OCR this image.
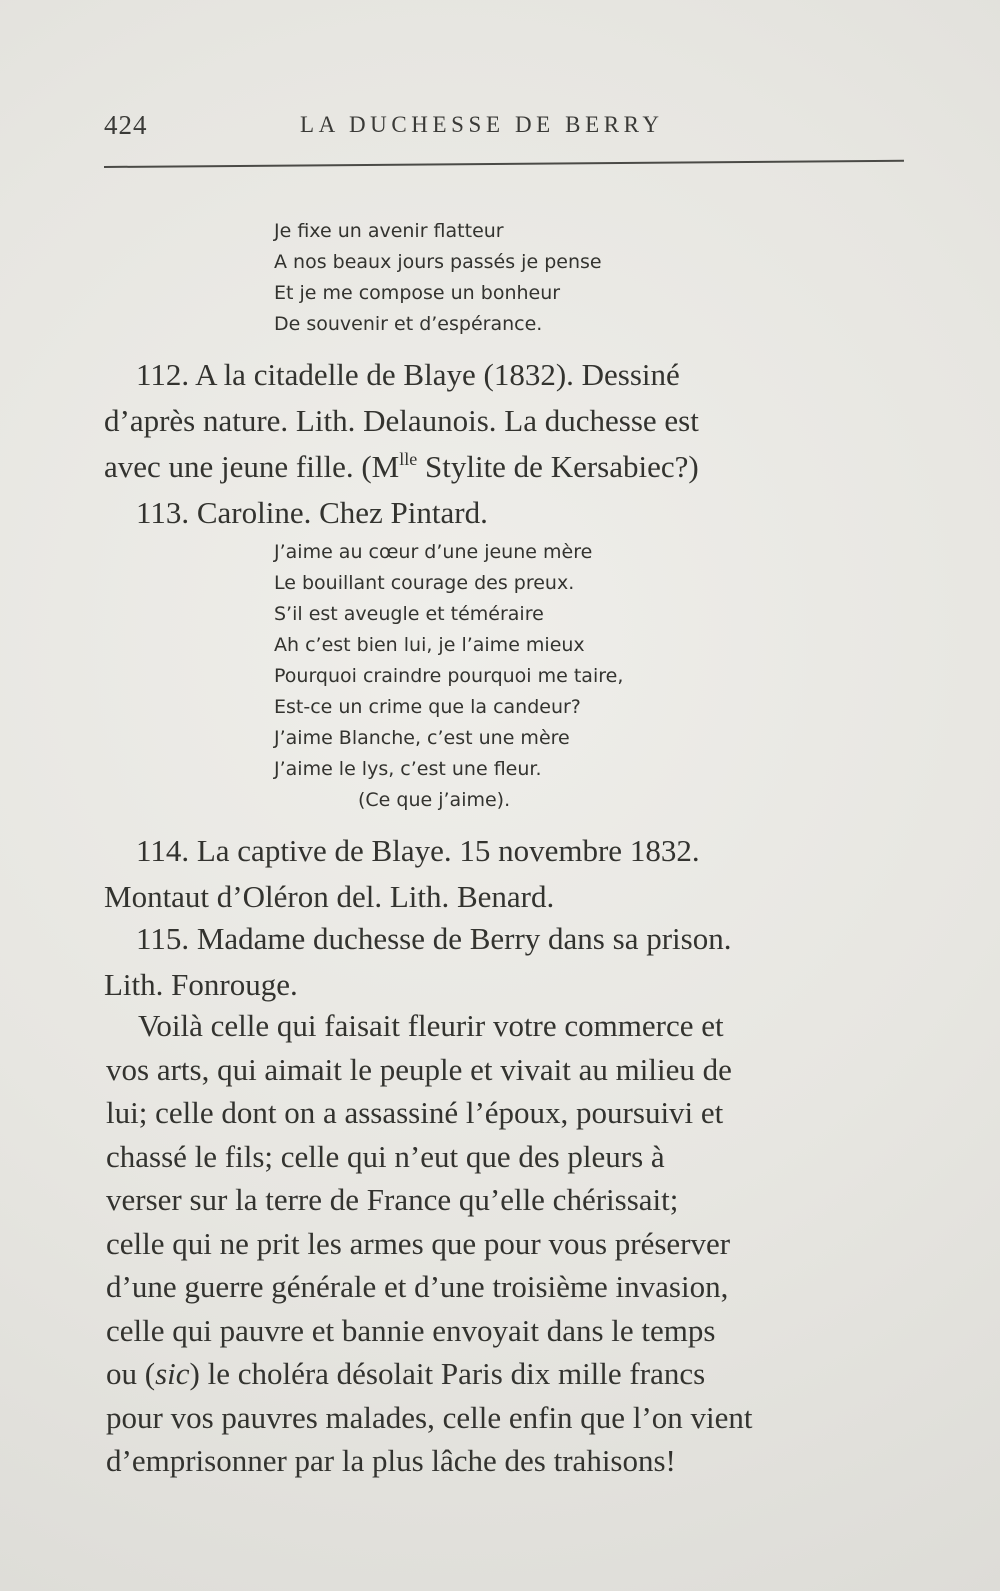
424	LA DUCHESSE DE BERRY
Je fixe un avenir flatteur
A nos beaux jours passés je pense
Et je me compose un bonheur
De souvenir et d’espérance.
112. A la citadelle de Blaye (1832). Dessiné
d’après nature. Lith. Delaunois. La duchesse est
avec une jeune fille. ($M^{lle}$ Stylite de Kersabiec?)
113. Caroline. Chez Pintard.
J’aime au cœur d’une jeune mère
Le bouillant courage des preux.
S’il est aveugle et téméraire
Ah c’est bien lui, je l’aime mieux
Pourquoi craindre pourquoi me taire,
Est-ce un crime que la candeur?
J’aime Blanche, c’est une mère
J’aime le lys, c’est une fleur.
(Ce que j’aime).
114. La captive de Blaye. 15 novembre 1832.
Montaut d’Oléron del. Lith. Benard.
115. Madame duchesse de Berry dans sa prison.
Lith. Fonrouge.
Voilà celle qui faisait fleurir votre commerce et
vos arts, qui aimait le peuple et vivait au milieu de
lui; celle dont on a assassiné l’époux, poursuivi et
chassé le fils; celle qui n’eut que des pleurs à
verser sur la terre de France qu’elle chérissait;
celle qui ne prit les armes que pour vous préserver
d’une guerre générale et d’une troisième invasion,
celle qui pauvre et bannie envoyait dans le temps
ou (sic) le choléra désolait Paris dix mille francs
pour vos pauvres malades, celle enfin que l’on vient
d’emprisonner par la plus lâche des trahisons!
